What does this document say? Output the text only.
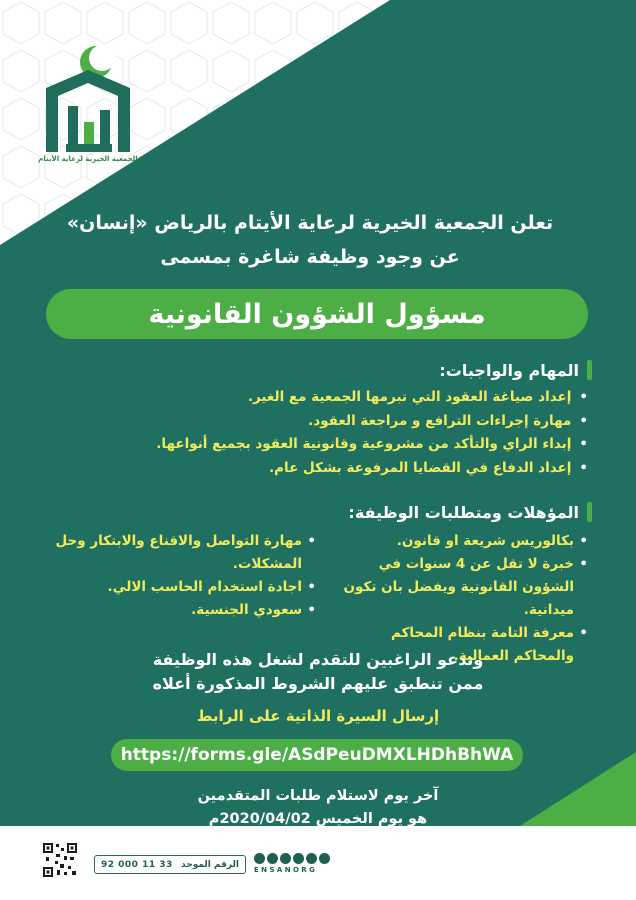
الجمعية الخيرية لرعاية الأيتام
تعلن الجمعية الخيرية لرعاية الأيتام بالرياض «إنسان»
عن وجود وظيفة شاغرة بمسمى
مسؤول الشؤون القانونية
المهام والواجبات:
• إعداد صياغة العقود التي تبرمها الجمعية مع الغير.
• مهارة إجراءات الترافع و مراجعة العقود.
• إبداء الراي والتأكد من مشروعية وقانونية العقود بجميع أنواعها.
• إعداد الدفاع في القضايا المرفوعة بشكل عام.
المؤهلات ومتطلبات الوظيفة:
• بكالوريس شريعة او قانون.
• خبرة لا تقل عن 4 سنوات في الشؤون القانونية ويفضل بان تكون ميدانية.
• معرفة التامة بنظام المحاكم والمحاكم العمالية.
• مهارة التواصل والاقناع والابتكار وحل المشكلات.
• اجادة استخدام الحاسب الالي.
• سعودي الجنسية.
وتدعو الراغبين للتقدم لشغل هذه الوظيفة
ممن تنطبق عليهم الشروط المذكورة أعلاه
إرسال السيرة الذاتية على الرابط
https://forms.gle/ASdPeuDMXLHDhBhWA
آخر يوم لاستلام طلبات المتقدمين
هو يوم الخميس 2020/04/02م
الرقم الموحد
92 000 11 33
ENSANORG
